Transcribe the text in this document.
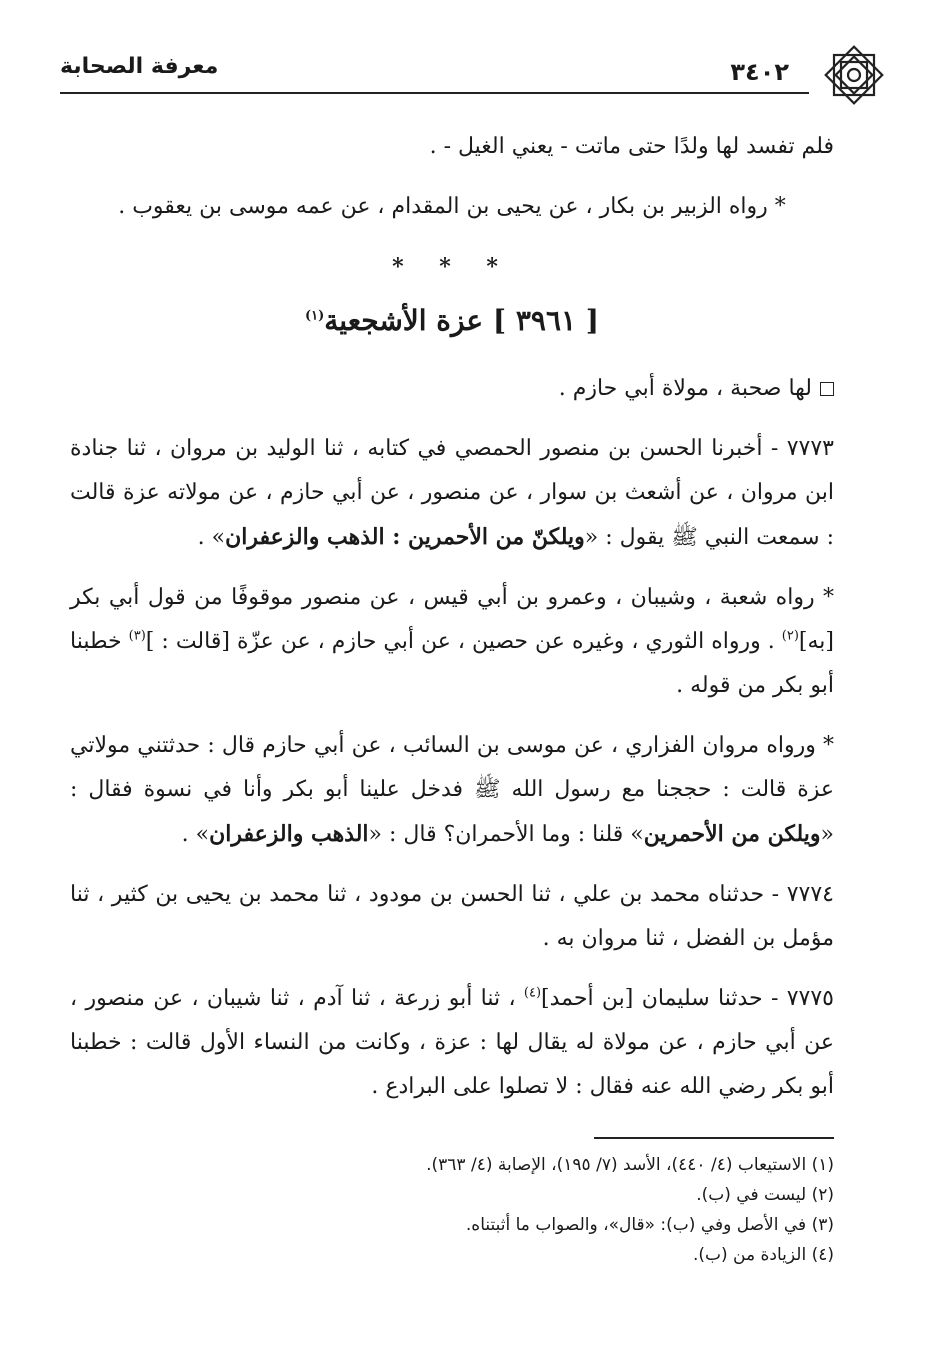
معرفة الصحابة	٣٤٠٢

فلم تفسد لها ولدًا حتى ماتت - يعني الغيل - .

* رواه الزبير بن بكار ، عن يحيى بن المقدام ، عن عمه موسى بن يعقوب .

* * *

[ ٣٩٦١ ] عزة الأشجعية$^{(١)}$

لها صحبة ، مولاة أبي حازم .

٧٧٧٣ - أخبرنا الحسن بن منصور الحمصي في كتابه ، ثنا الوليد بن مروان ، ثنا جنادة ابن مروان ، عن أشعث بن سوار ، عن منصور ، عن أبي حازم ، عن مولاته عزة قالت : سمعت النبي ﷺ يقول : «ويلكنّ من الأحمرين : الذهب والزعفران» .

* رواه شعبة ، وشيبان ، وعمرو بن أبي قيس ، عن منصور موقوفًا من قول أبي بكر [به]$^{(٢)}$ . ورواه الثوري ، وغيره عن حصين ، عن أبي حازم ، عن عزّة [قالت : ]$^{(٣)}$ خطبنا أبو بكر من قوله .

* ورواه مروان الفزاري ، عن موسى بن السائب ، عن أبي حازم قال : حدثتني مولاتي عزة قالت : حججنا مع رسول الله ﷺ فدخل علينا أبو بكر وأنا في نسوة فقال : «ويلكن من الأحمرين» قلنا : وما الأحمران؟ قال : «الذهب والزعفران» .

٧٧٧٤ - حدثناه محمد بن علي ، ثنا الحسن بن مودود ، ثنا محمد بن يحيى بن كثير ، ثنا مؤمل بن الفضل ، ثنا مروان به .

٧٧٧٥ - حدثنا سليمان [بن أحمد]$^{(٤)}$ ، ثنا أبو زرعة ، ثنا آدم ، ثنا شيبان ، عن منصور ، عن أبي حازم ، عن مولاة له يقال لها : عزة ، وكانت من النساء الأول قالت : خطبنا أبو بكر رضي الله عنه فقال : لا تصلوا على البرادع .

(١) الاستيعاب (٤/ ٤٤٠)، الأسد (٧/ ١٩٥)، الإصابة (٤/ ٣٦٣).

(٢) ليست في (ب).

(٣) في الأصل وفي (ب): «قال»، والصواب ما أثبتناه.

(٤) الزيادة من (ب).
